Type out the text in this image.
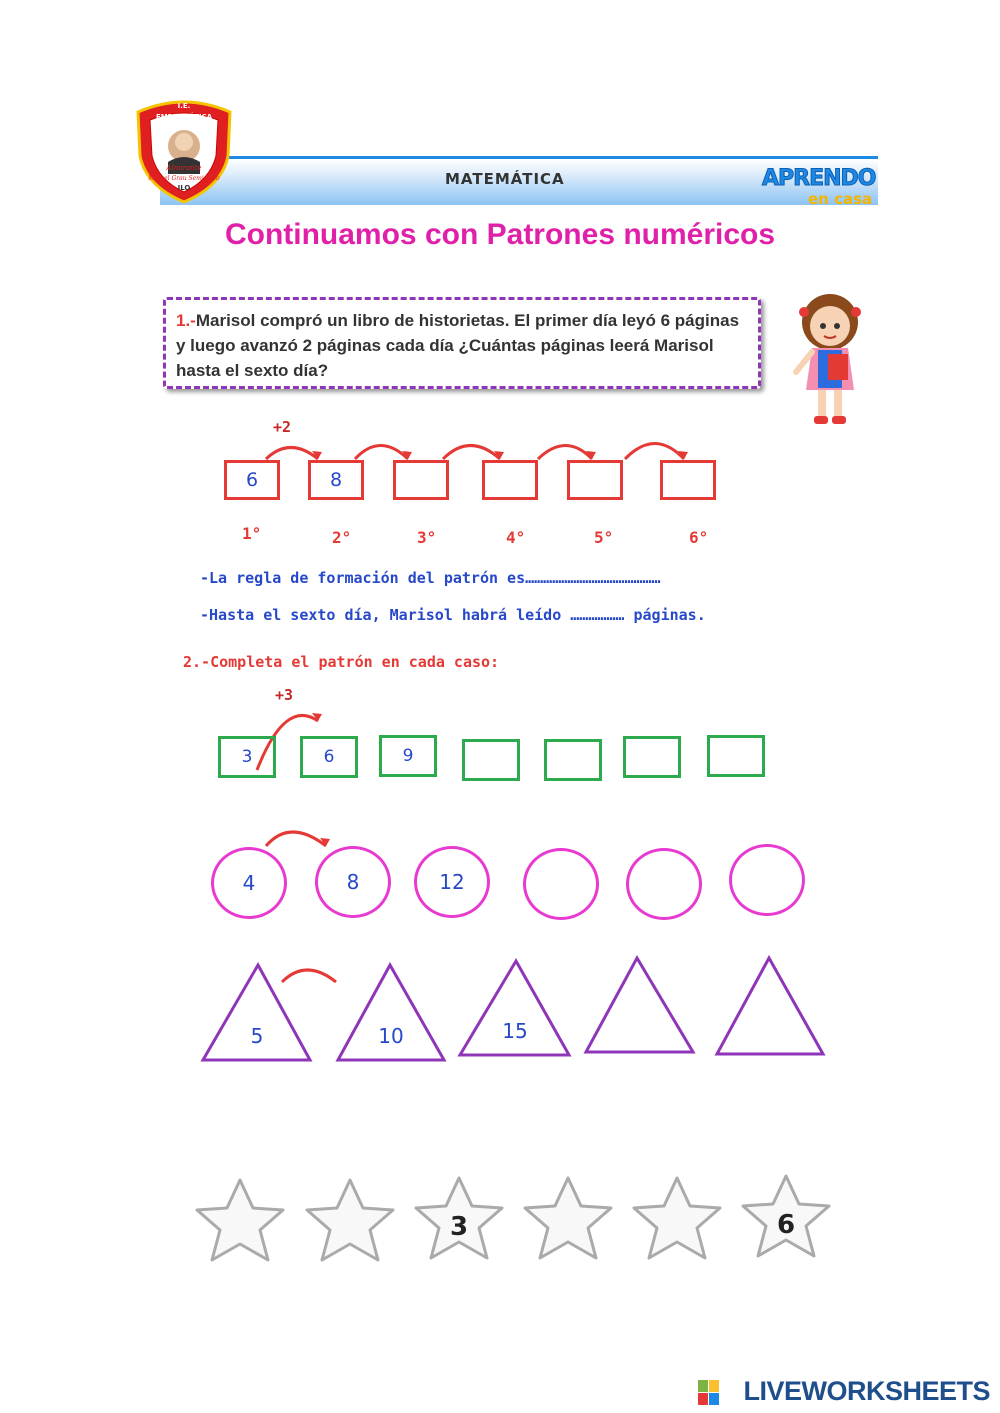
I.E.
EMBLEMÁTICA
Almirante
Miguel Grau Seminario
ILO	MATEMÁTICA	APRENDO
en casa
Continuamos con Patrones numéricos
1.-Marisol compró un libro de historietas. El primer día leyó 6 páginas y luego avanzó 2 páginas cada día ¿Cuántas páginas leerá Marisol hasta el sexto día?
+2
6	8
1°	2°	3°	4°	5°	6°
-La regla de formación del patrón es………………………………………
-Hasta el sexto día, Marisol habrá leído ……………… páginas.
2.-Completa el patrón en cada caso:
+3
3	6	9
4	8	12
5	10	15
3	6
LIVEWORKSHEETS
